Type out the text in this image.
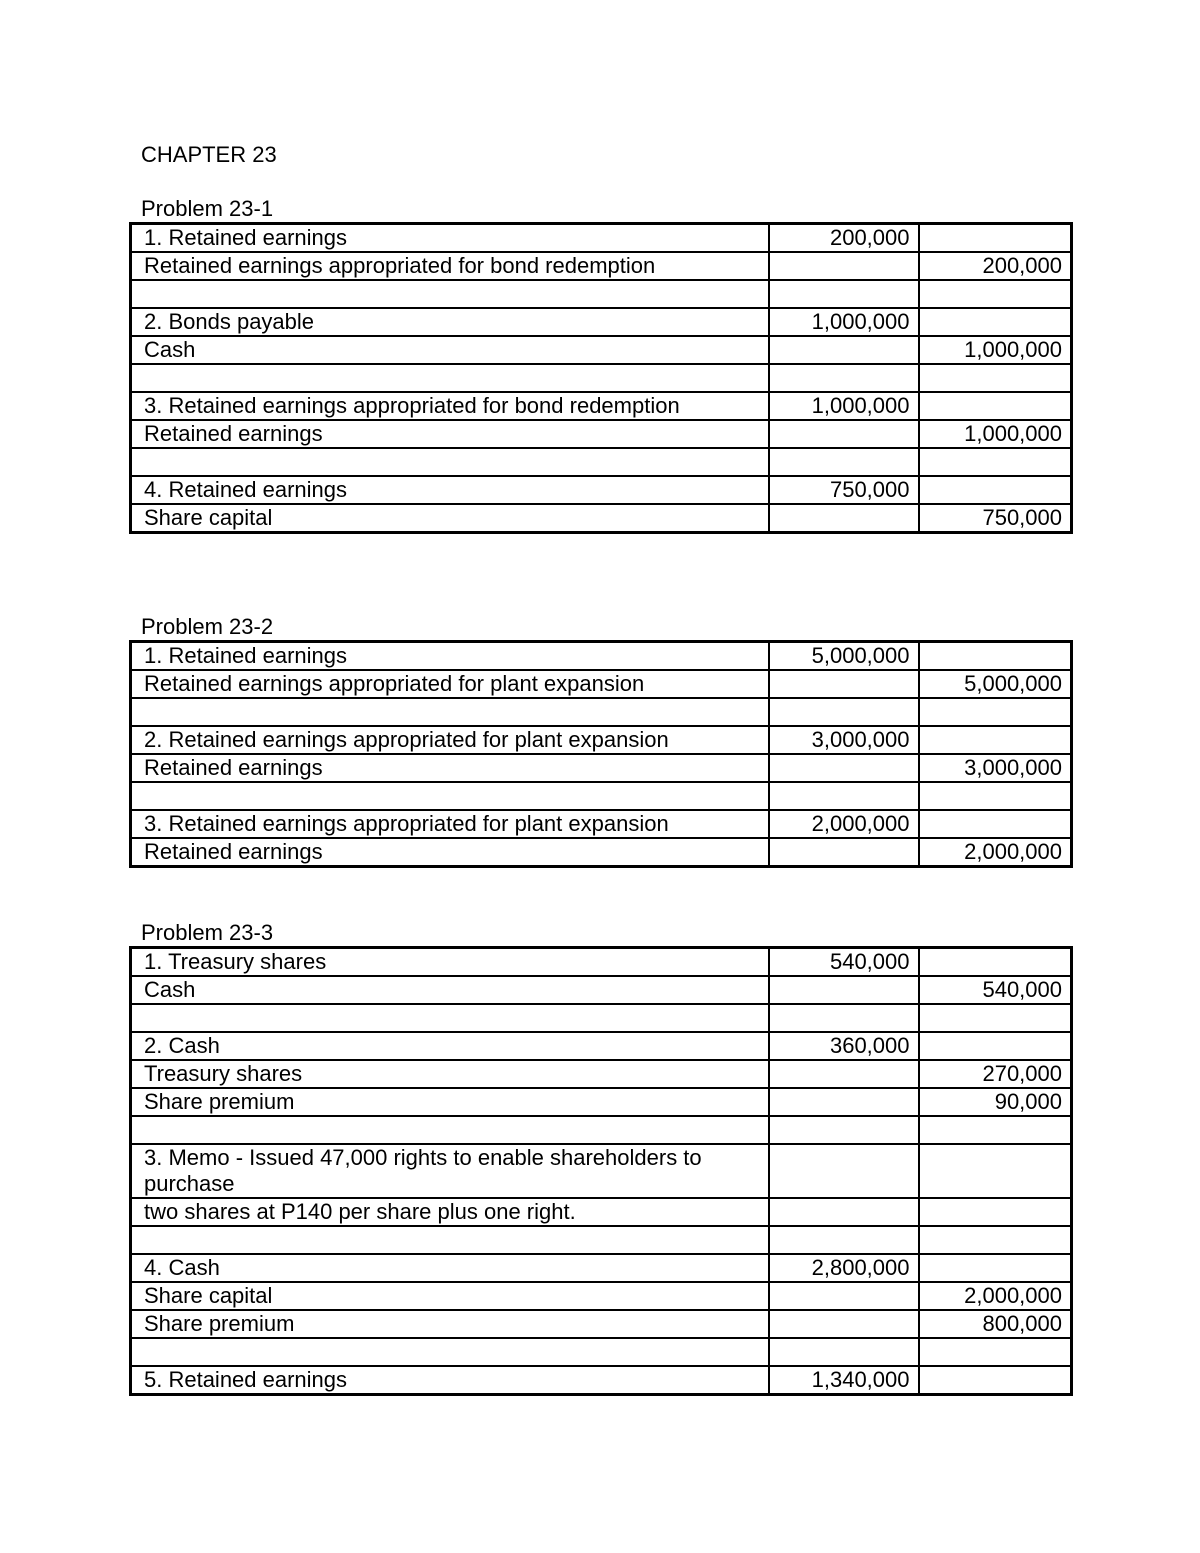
CHAPTER 23
Problem 23-1
1. Retained earnings	200,000	
Retained earnings appropriated for bond redemption		200,000

2. Bonds payable	1,000,000	
Cash		1,000,000

3. Retained earnings appropriated for bond redemption	1,000,000	
Retained earnings		1,000,000

4. Retained earnings	750,000	
Share capital		750,000
Problem 23-2
1. Retained earnings	5,000,000	
Retained earnings appropriated for plant expansion		5,000,000

2. Retained earnings appropriated for plant expansion	3,000,000	
Retained earnings		3,000,000

3. Retained earnings appropriated for plant expansion	2,000,000	
Retained earnings		2,000,000
Problem 23-3
1. Treasury shares	540,000	
Cash		540,000

2. Cash	360,000	
Treasury shares		270,000
Share premium		90,000

3. Memo - Issued 47,000 rights to enable shareholders to purchase		
two shares at P140 per share plus one right.		

4. Cash	2,800,000	
Share capital		2,000,000
Share premium		800,000

5. Retained earnings	1,340,000	
